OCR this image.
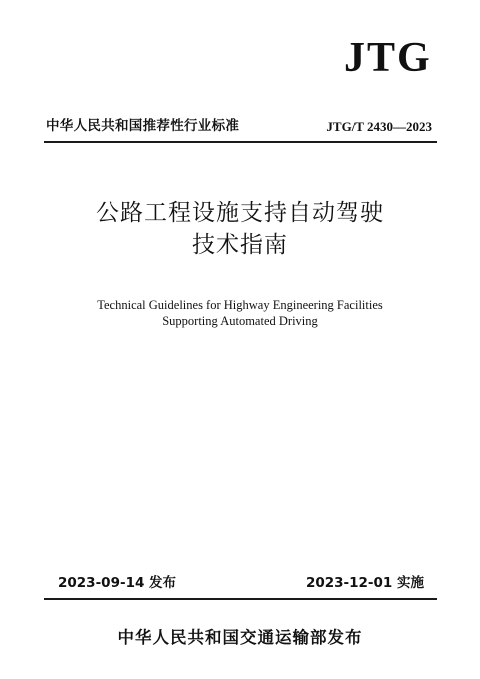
JTG
中华人民共和国推荐性行业标准	JTG/T 2430—2023
公路工程设施支持自动驾驶
技术指南
Technical Guidelines for Highway Engineering Facilities
Supporting Automated Driving
2023-09-14 发布	2023-12-01 实施
中华人民共和国交通运输部发布
